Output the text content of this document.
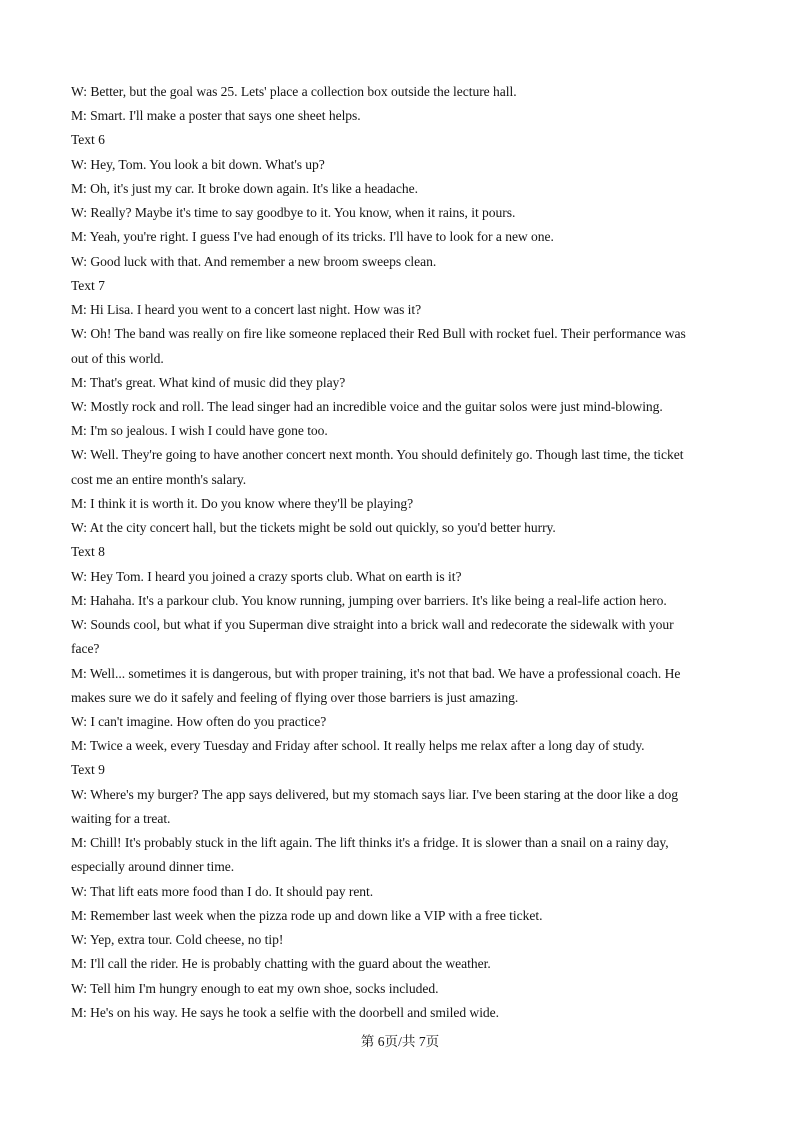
W: Better, but the goal was 25. Lets' place a collection box outside the lecture hall.
M: Smart. I'll make a poster that says one sheet helps.
Text 6
W: Hey, Tom. You look a bit down. What's up?
M: Oh, it's just my car. It broke down again. It's like a headache.
W: Really? Maybe it's time to say goodbye to it. You know, when it rains, it pours.
M: Yeah, you're right. I guess I've had enough of its tricks. I'll have to look for a new one.
W: Good luck with that. And remember a new broom sweeps clean.
Text 7
M: Hi Lisa. I heard you went to a concert last night. How was it?
W: Oh! The band was really on fire like someone replaced their Red Bull with rocket fuel. Their performance was
out of this world.
M: That's great. What kind of music did they play?
W: Mostly rock and roll. The lead singer had an incredible voice and the guitar solos were just mind-blowing.
M: I'm so jealous. I wish I could have gone too.
W: Well. They're going to have another concert next month. You should definitely go. Though last time, the ticket
cost me an entire month's salary.
M: I think it is worth it. Do you know where they'll be playing?
W: At the city concert hall, but the tickets might be sold out quickly, so you'd better hurry.
Text 8
W: Hey Tom. I heard you joined a crazy sports club. What on earth is it?
M: Hahaha. It's a parkour club. You know running, jumping over barriers. It's like being a real-life action hero.
W: Sounds cool, but what if you Superman dive straight into a brick wall and redecorate the sidewalk with your
face?
M: Well... sometimes it is dangerous, but with proper training, it's not that bad. We have a professional coach. He
makes sure we do it safely and feeling of flying over those barriers is just amazing.
W: I can't imagine. How often do you practice?
M: Twice a week, every Tuesday and Friday after school. It really helps me relax after a long day of study.
Text 9
W: Where's my burger? The app says delivered, but my stomach says liar. I've been staring at the door like a dog
waiting for a treat.
M: Chill! It's probably stuck in the lift again. The lift thinks it's a fridge. It is slower than a snail on a rainy day,
especially around dinner time.
W: That lift eats more food than I do. It should pay rent.
M: Remember last week when the pizza rode up and down like a VIP with a free ticket.
W: Yep, extra tour. Cold cheese, no tip!
M: I'll call the rider. He is probably chatting with the guard about the weather.
W: Tell him I'm hungry enough to eat my own shoe, socks included.
M: He's on his way. He says he took a selfie with the doorbell and smiled wide.
第 6页/共 7页
